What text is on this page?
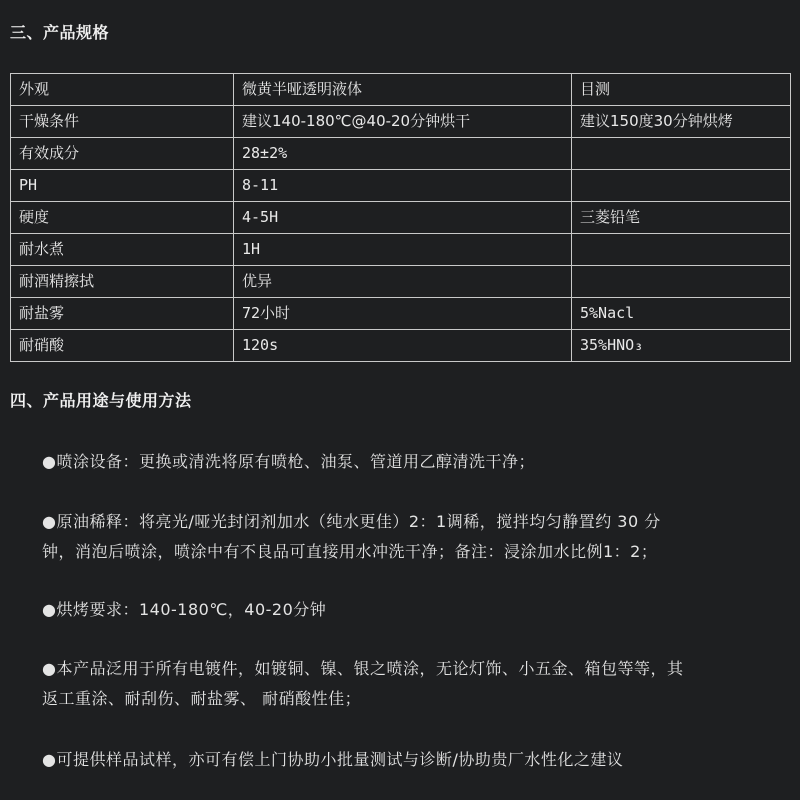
三、产品规格
外观	微黄半哑透明液体	目测
干燥条件	建议140-180℃@40-20分钟烘干	建议150度30分钟烘烤
有效成分	28±2%	
PH	8-11	
硬度	4-5H	三菱铅笔
耐水煮	1H	
耐酒精擦拭	优异	
耐盐雾	72小时	5%Nacl
耐硝酸	120s	35%HNO₃
四、产品用途与使用方法
●喷涂设备：更换或清洗将原有喷枪、油泵、管道用乙醇清洗干净；
●原油稀释：将亮光/哑光封闭剂加水（纯水更佳）2：1调稀，搅拌均匀静置约 30 分
钟，消泡后喷涂，喷涂中有不良品可直接用水冲洗干净；备注：浸涂加水比例1：2；
●烘烤要求：140-180℃，40-20分钟
●本产品泛用于所有电镀件，如镀铜、镍、银之喷涂，无论灯饰、小五金、箱包等等，其
返工重涂、耐刮伤、耐盐雾、 耐硝酸性佳；
●可提供样品试样，亦可有偿上门协助小批量测试与诊断/协助贵厂水性化之建议
